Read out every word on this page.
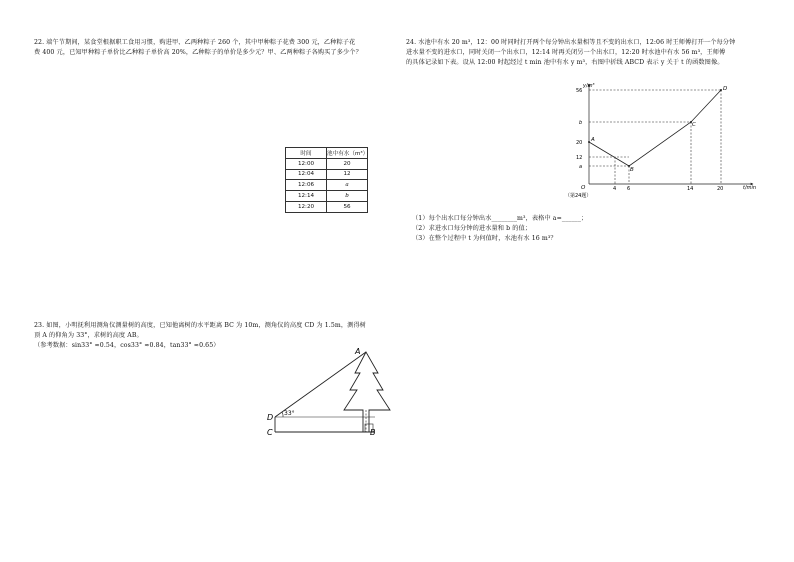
22. 端午节期间，某食堂根据职工食用习惯，购进甲、乙两种粽子 260 个，其中甲种粽子花费 300 元，乙种粽子花

费 400 元，已知甲种粽子单价比乙种粽子单价高 20%，乙种粽子的单价是多少元？甲、乙两种粽子各购买了多少个？

时间	池中有水（m³）
12:00	20
12:04	12
12:06	a
12:14	b
12:20	56

23. 如图，小明抚利用测角仪测量树的高度，已知他离树的水平距离 BC 为 10m，测角仪的高度 CD 为 1.5m，测得树

顶 A 的仰角为 33°，求树的高度 AB。

（参考数据：sin33° ≈0.54，cos33° ≈0.84，tan33° ≈0.65）

A
B
C
D 33°

24. 水池中有水 20 m³，12：00 时同时打开两个每分钟出水量相等且不变的出水口，12:06 时王师傅打开一个每分钟

进水量不变的进水口，同时关闭一个出水口，12:14 时再关闭另一个出水口，12:20 时水池中有水 56 m³，王师傅

的具体记录如下表。设从 12:00 时起经过 t min 池中有水 y m³，右图中折线 ABCD 表示 y 关于 t 的函数图像。

y/m³
t/min
O
56
b
20
12
a
4 6	14	20
A
B
C
D
（第24题）

（1）每个出水口每分钟出水________m³，表格中 a=______；

（2）求进水口每分钟的进水量和 b 的值；

（3）在整个过程中 t 为何值时，水池有水 16 m³？
